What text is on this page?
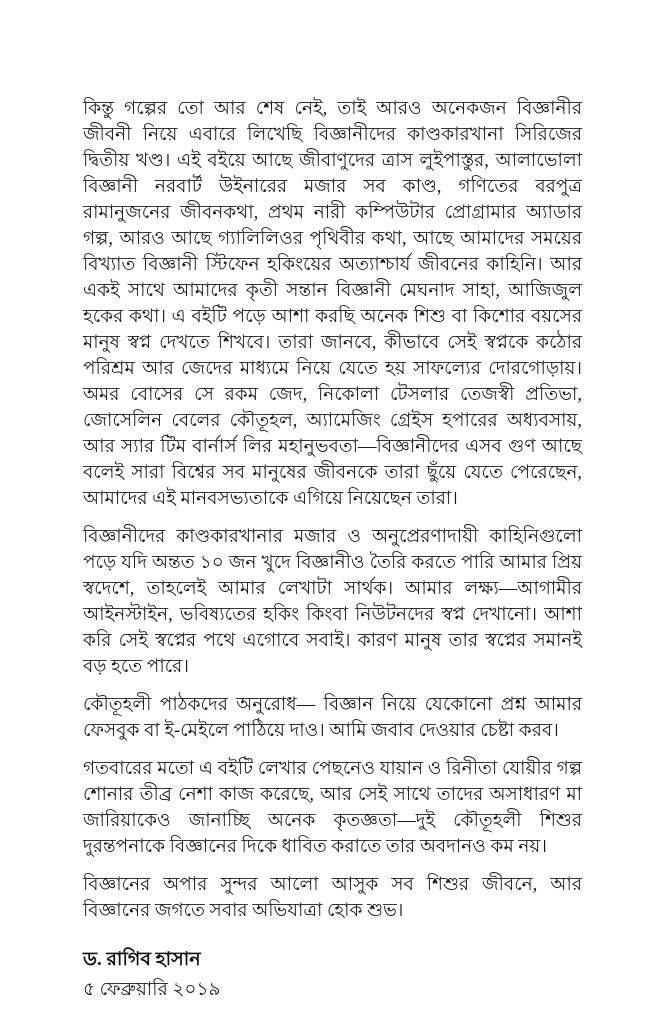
কিন্তু গল্পের তো আর শেষ নেই, তাই আরও অনেকজন বিজ্ঞানীর জীবনী নিয়ে এবারে লিখেছি বিজ্ঞানীদের কাণ্ডকারখানা সিরিজের দ্বিতীয় খণ্ড। এই বইয়ে আছে জীবাণুদের ত্রাস লুইপাস্তুর, আলাভোলা বিজ্ঞানী নরবার্ট উইনারের মজার সব কাণ্ড, গণিতের বরপুত্র রামানুজনের জীবনকথা, প্রথম নারী কম্পিউটার প্রোগ্রামার অ্যাডার গল্প, আরও আছে গ্যালিলিওর পৃথিবীর কথা, আছে আমাদের সময়ের বিখ্যাত বিজ্ঞানী স্টিফেন হকিংয়ের অত্যাশ্চার্য জীবনের কাহিনি। আর একই সাথে আমাদের কৃতী সন্তান বিজ্ঞানী মেঘনাদ সাহা, আজিজুল হকের কথা। এ বইটি পড়ে আশা করছি অনেক শিশু বা কিশোর বয়সের মানুষ স্বপ্ন দেখতে শিখবে। তারা জানবে, কীভাবে সেই স্বপ্নকে কঠোর পরিশ্রম আর জেদের মাধ্যমে নিয়ে যেতে হয় সাফল্যের দোরগোড়ায়। অমর বোসের সে রকম জেদ, নিকোলা টেসলার তেজস্বী প্রতিভা, জোসেলিন বেলের কৌতূহল, অ্যামেজিং গ্রেইস হপারের অধ্যবসায়, আর স্যার টিম বার্নার্স লির মহানুভবতা—বিজ্ঞানীদের এসব গুণ আছে বলেই সারা বিশ্বের সব মানুষের জীবনকে তারা ছুঁয়ে যেতে পেরেছেন, আমাদের এই মানবসভ্যতাকে এগিয়ে নিয়েছেন তারা।

বিজ্ঞানীদের কাণ্ডকারখানার মজার ও অনুপ্রেরণাদায়ী কাহিনিগুলো পড়ে যদি অন্তত ১০ জন খুদে বিজ্ঞানীও তৈরি করতে পারি আমার প্রিয় স্বদেশে, তাহলেই আমার লেখাটা সার্থক। আমার লক্ষ্য—আগামীর আইনস্টাইন, ভবিষ্যতের হকিং কিংবা নিউটনদের স্বপ্ন দেখানো। আশা করি সেই স্বপ্নের পথে এগোবে সবাই। কারণ মানুষ তার স্বপ্নের সমানই বড় হতে পারে।

কৌতূহলী পাঠকদের অনুরোধ— বিজ্ঞান নিয়ে যেকোনো প্রশ্ন আমার ফেসবুক বা ই-মেইলে পাঠিয়ে দাও। আমি জবাব দেওয়ার চেষ্টা করব।

গতবারের মতো এ বইটি লেখার পেছনেও যায়ান ও রিনীতা যোয়ীর গল্প শোনার তীব্র নেশা কাজ করেছে, আর সেই সাথে তাদের অসাধারণ মা জারিয়াকেও জানাচ্ছি অনেক কৃতজ্ঞতা—দুই কৌতূহলী শিশুর দুরন্তপনাকে বিজ্ঞানের দিকে ধাবিত করাতে তার অবদানও কম নয়।

বিজ্ঞানের অপার সুন্দর আলো আসুক সব শিশুর জীবনে, আর বিজ্ঞানের জগতে সবার অভিযাত্রা হোক শুভ।

ড. রাগিব হাসান

৫ ফেব্রুয়ারি ২০১৯
